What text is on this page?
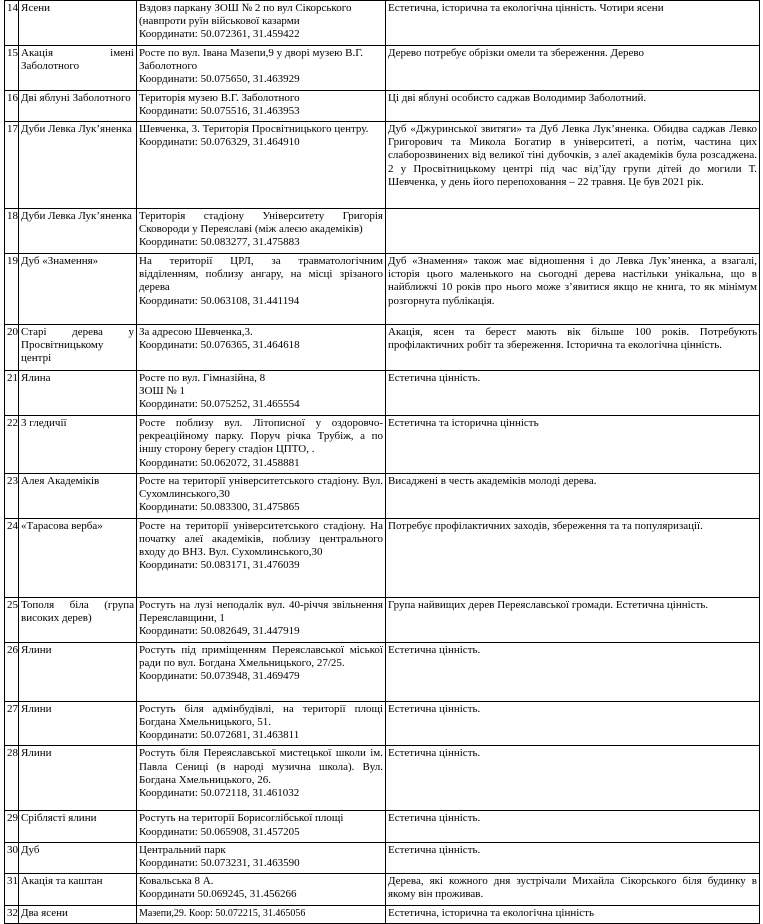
14	Ясени	Вздовз паркану ЗОШ № 2 по вул Сікорського
(навпроти руїн військової казарми
Координати: 50.072361, 31.459422	Естетична, історична та екологічна цінність. Чотири ясени
15	Акація імені Заболотного	Росте по вул. Івана Мазепи,9 у дворі музею В.Г.
Заболотного
Координати: 50.075650, 31.463929	Дерево потребує обрізки омели та збереження. Дерево
16	Дві яблуні Заболотного	Територія музею В.Г. Заболотного
Координати: 50.075516, 31.463953	Ці дві яблуні особисто саджав Володимир Заболотний.
17	Дуби Левка Лук’яненка	Шевченка, 3. Територія Просвітницького центру.
Координати: 50.076329, 31.464910	Дуб «Джуринської звитяги» та Дуб Левка Лук’яненка. Обидва саджав Левко Григорович та Микола Богатир в університеті, а потім, частина цих слаборозвинених від великої тіні дубочків, з алеї академіків була розсаджена. 2 у Просвітницькому центрі під час від’їду групи дітей до могили Т. Шевченка, у день його перепоховання – 22 травня. Це був 2021 рік.
18	Дуби Левка Лук’яненка	Територія стадіону Університету Григорія Сковороди у Переяславі (між алеєю академіків)
Координати: 50.083277, 31.475883	

19	Дуб «Знамення»	На території ЦРЛ, за травматологічним відділенням, поблизу ангару, на місці зрізаного дерева
Координати: 50.063108, 31.441194	Дуб «Знамення» також має відношення і до Левка Лук’яненка, а взагалі, історія цього маленького на сьогодні дерева настільки унікальна, що в найближчі 10 років про нього може з’явитися якщо не книга, то як мінімум розгорнута публікація.
20	Старі дерева у Просвітницькому центрі	За адресою Шевченка,3.
Координати: 50.076365, 31.464618	Акація, ясен та берест мають вік більше 100 років. Потребують профілактичних робіт та збереження. Історична та екологічна цінність.
21	Ялина	Росте по вул. Гімназійна, 8
ЗОШ № 1
Координати: 50.075252, 31.465554	Естетична цінність.
22	3 гледичії	Росте поблизу вул. Літописної у оздоровчо-рекреаційному парку. Поруч річка Трубіж, а по іншу сторону берегу стадіон ЦПТО, .
Координати: 50.062072, 31.458881	Естетична та історична цінність
23	Алея Академіків	Росте на території університетського стадіону. Вул. Сухомлинського,30
Координати: 50.083300, 31.475865	Висаджені в честь академіків молоді дерева.
24	«Тарасова верба»	Росте на території університетського стадіону. На початку алеї академіків, поблизу центрального входу до ВНЗ. Вул. Сухомлинського,30
Координати: 50.083171, 31.476039	Потребує профілактичних заходів, збереження та та популяризації.
25	Тополя біла (група високих дерев)	Ростуть на лузі неподалік вул. 40-річчя звільнення Переяславщини, 1
Координати: 50.082649, 31.447919	Група найвищих дерев Переяславської громади. Естетична цінність.
26	Ялини	Ростуть під приміщенням Переяславської міської ради по вул. Богдана Хмельницького, 27/25.
Координати: 50.073948, 31.469479	Естетична цінність.
27	Ялини	Ростуть біля адмінбудівлі, на території площі Богдана Хмельницького, 51.
Координати: 50.072681, 31.463811	Естетична цінність.
28	Ялини	Ростуть біля Переяславської мистецької школи ім. Павла Сениці (в народі музична школа). Вул. Богдана Хмельницького, 26.
Координати: 50.072118, 31.461032	Естетична цінність.
29	Сріблясті ялини	Ростуть на території Борисоглібської площі
Координати: 50.065908, 31.457205	Естетична цінність.
30	Дуб	Центральний парк
Координати: 50.073231, 31.463590	Естетична цінність.
31	Акація та каштан	Ковальська 8 А.
Координати 50.069245, 31.456266	Дерева, які кожного дня зустрічали Михайла Сікорського біля будинку в якому він проживав.
32	Два ясени	Мазепи,29. Коор: 50.072215, 31.465056	Естетична, історична та екологічна цінність
